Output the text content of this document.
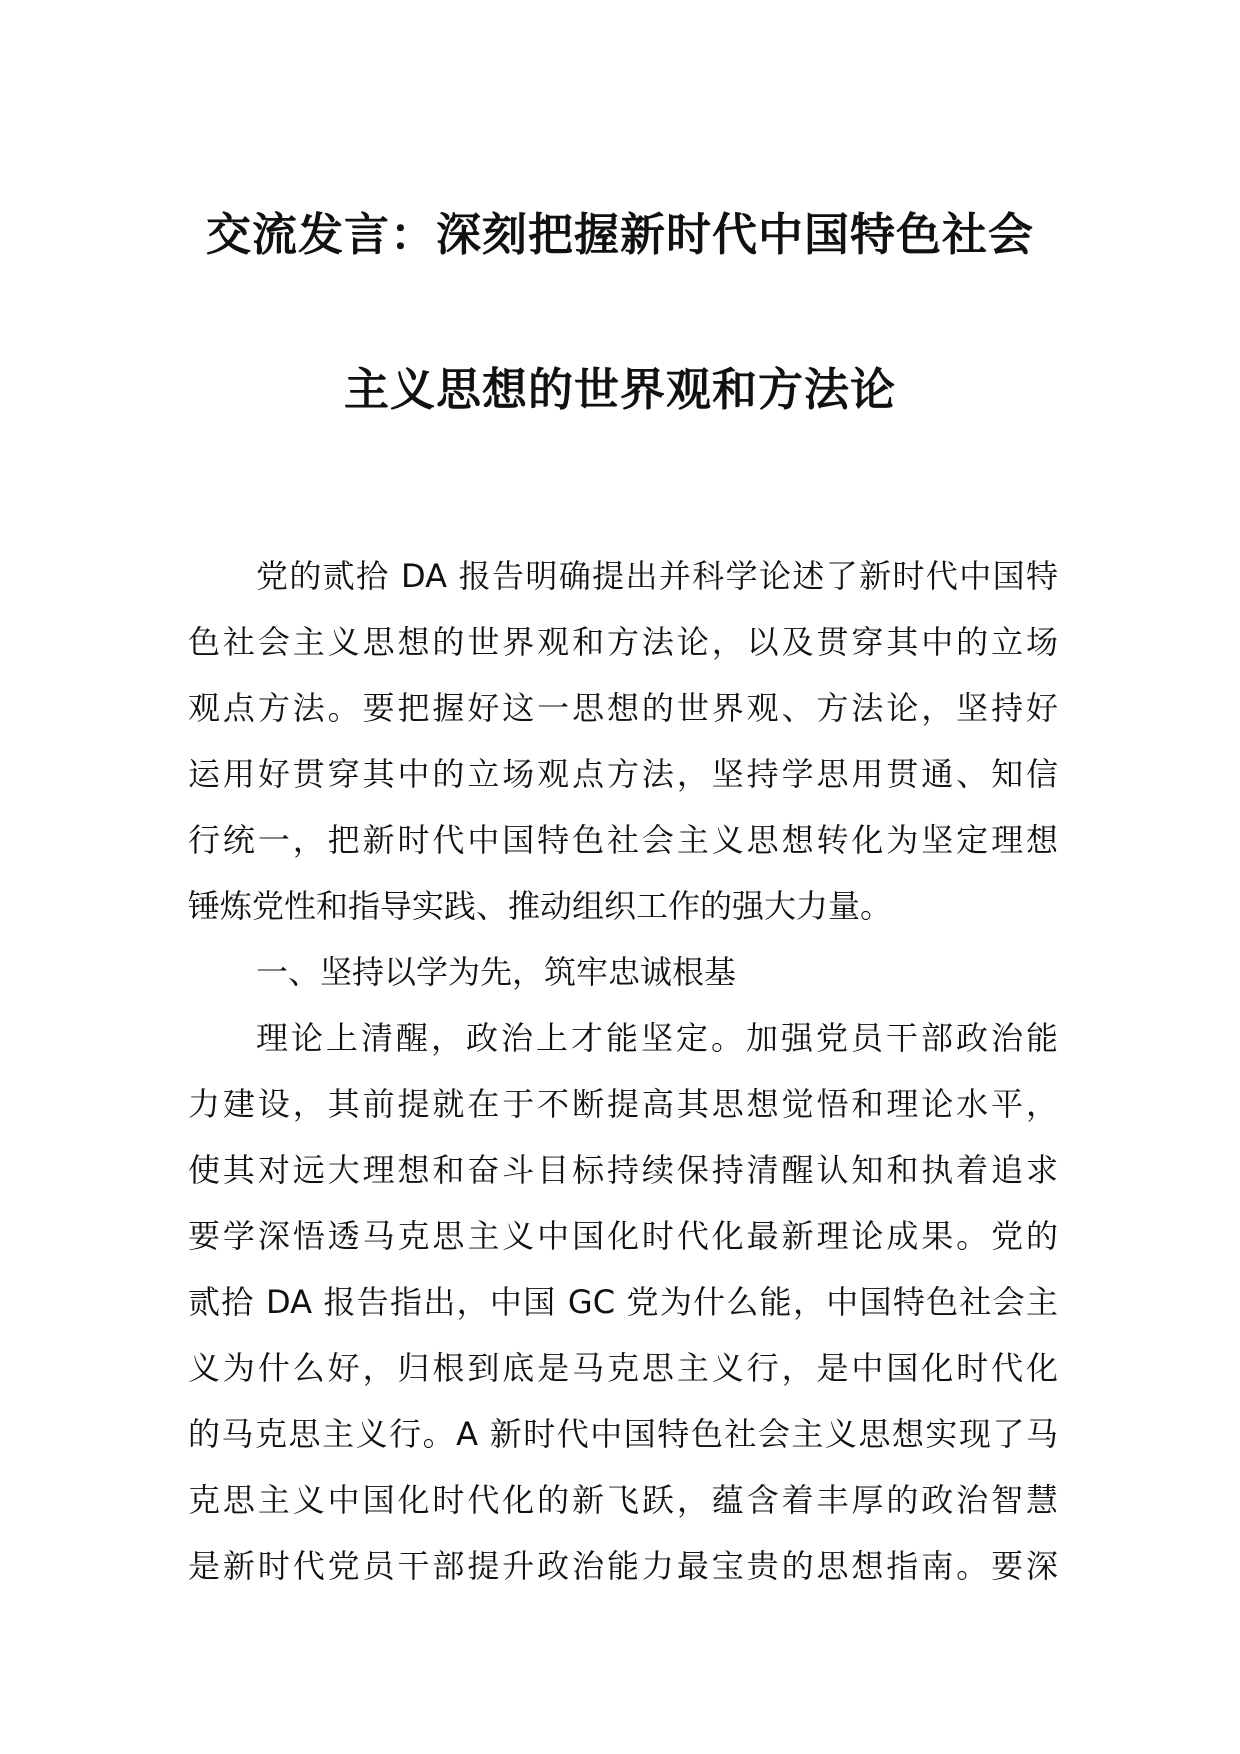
交流发言：深刻把握新时代中国特色社会
主义思想的世界观和方法论
党的贰拾 DA 报告明确提出并科学论述了新时代中国特
色社会主义思想的世界观和方法论，以及贯穿其中的立场
观点方法。要把握好这一思想的世界观、方法论，坚持好
运用好贯穿其中的立场观点方法，坚持学思用贯通、知信
行统一，把新时代中国特色社会主义思想转化为坚定理想
锤炼党性和指导实践、推动组织工作的强大力量。
一、坚持以学为先，筑牢忠诚根基
理论上清醒，政治上才能坚定。加强党员干部政治能
力建设，其前提就在于不断提高其思想觉悟和理论水平，
使其对远大理想和奋斗目标持续保持清醒认知和执着追求
要学深悟透马克思主义中国化时代化最新理论成果。党的
贰拾 DA 报告指出，中国 GC 党为什么能，中国特色社会主
义为什么好，归根到底是马克思主义行，是中国化时代化
的马克思主义行。A 新时代中国特色社会主义思想实现了马
克思主义中国化时代化的新飞跃，蕴含着丰厚的政治智慧
是新时代党员干部提升政治能力最宝贵的思想指南。要深
